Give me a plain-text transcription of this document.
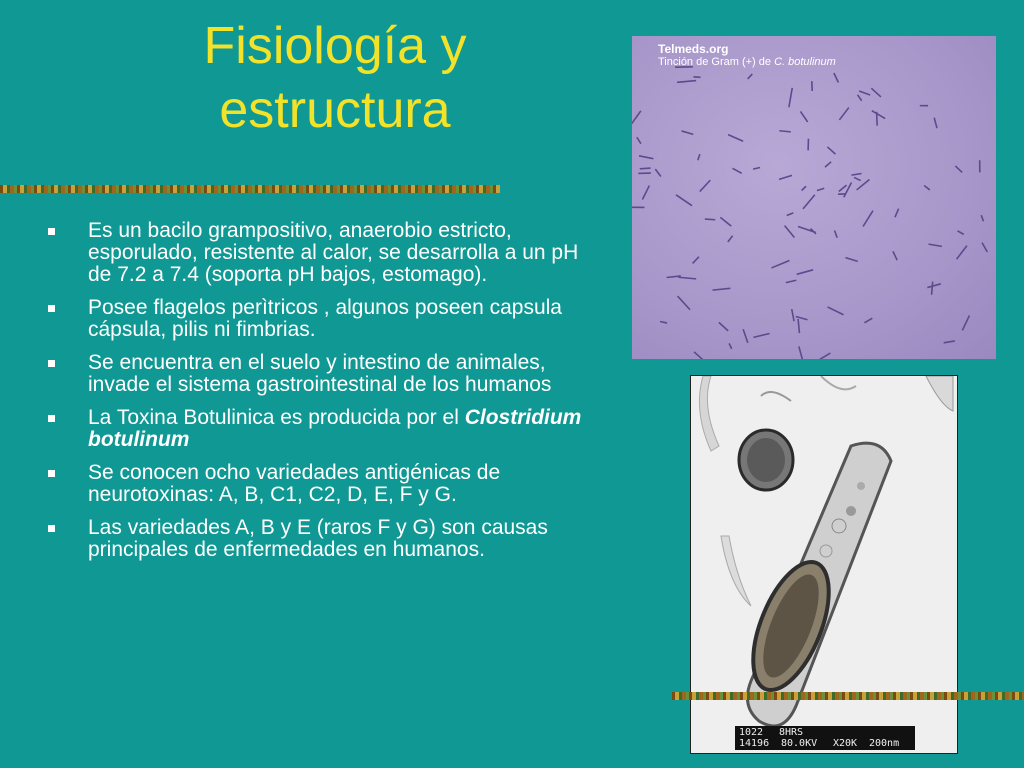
Fisiología y
estructura
Es un bacilo grampositivo, anaerobio estricto, esporulado, resistente al calor, se desarrolla a un pH de 7.2 a 7.4 (soporta pH bajos, estomago).
Posee flagelos perìtricos , algunos poseen capsula cápsula, pilis ni fimbrias.
Se encuentra en el suelo y intestino de animales, invade el sistema gastrointestinal de los humanos
La Toxina Botulinica es producida por el Clostridium botulinum
Se conocen ocho variedades antigénicas de neurotoxinas: A, B, C1, C2, D, E, F y G.
Las variedades A, B y E (raros F y G) son causas principales de enfermedades en humanos.
Telmeds.org
Tinción de Gram (+) de C. botulinum
1022 8HRS
14196 80.0KV X20K 200nm
